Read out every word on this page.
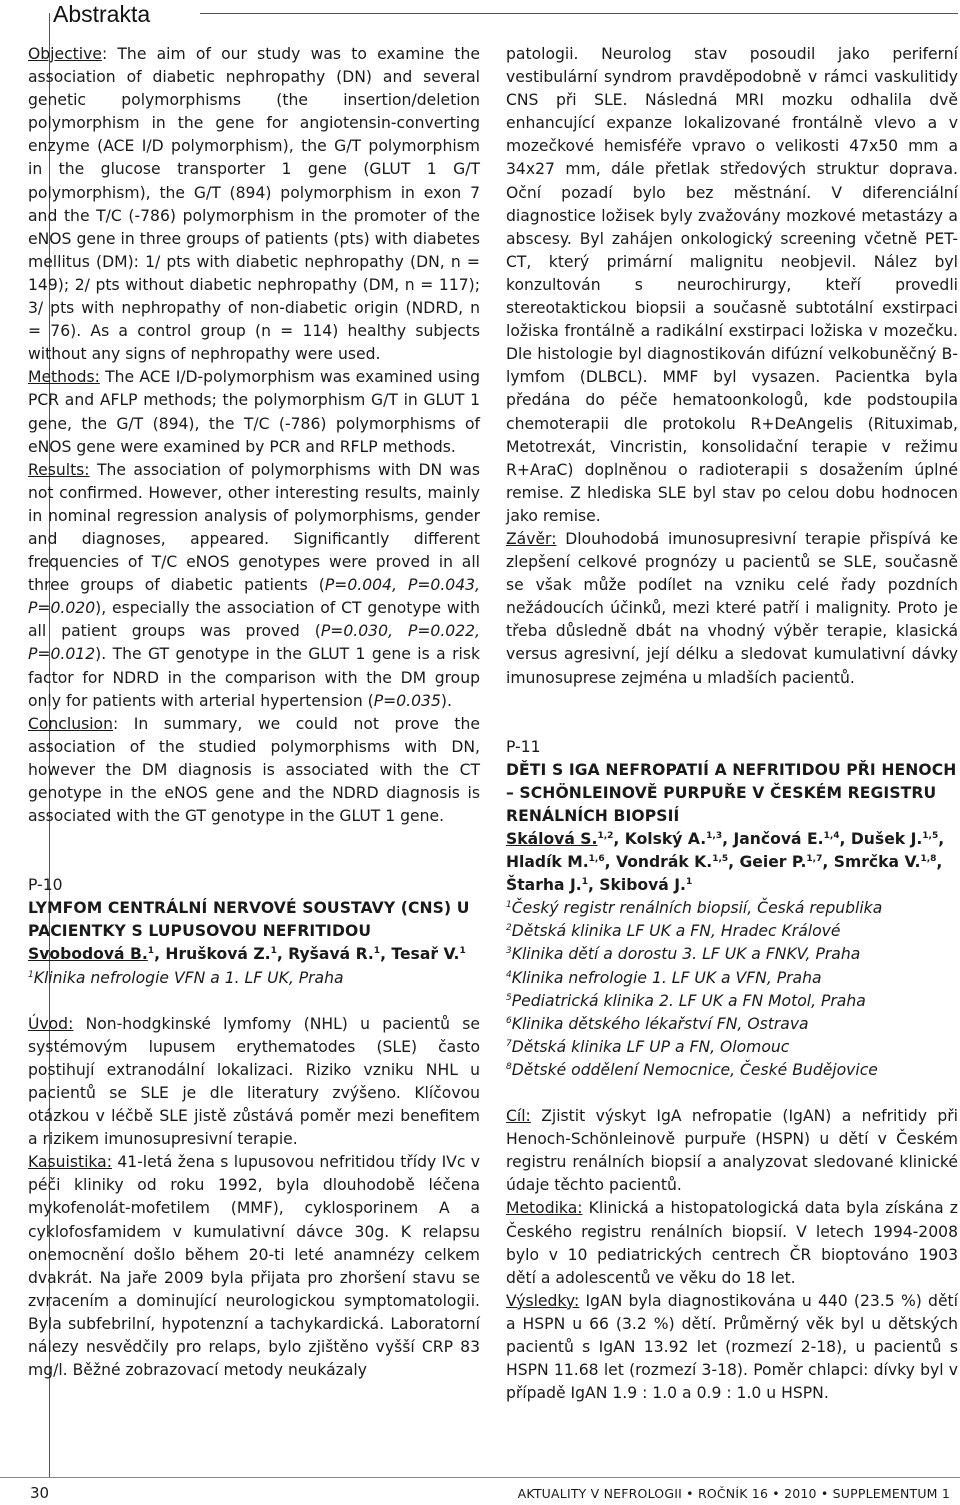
Abstrakta

Objective: The aim of our study was to examine the association of diabetic nephropathy (DN) and several genetic polymorphisms (the insertion/deletion polymorphism in the gene for angiotensin-converting enzyme (ACE I/D polymorphism), the G/T polymorphism in the glucose transporter 1 gene (GLUT 1 G/T polymorphism), the G/T (894) polymorphism in exon 7 and the T/C (-786) polymorphism in the promoter of the eNOS gene in three groups of patients (pts) with diabetes mellitus (DM): 1/ pts with diabetic nephropathy (DN, n = 149); 2/ pts without diabetic nephropathy (DM, n = 117); 3/ pts with nephropathy of non-diabetic origin (NDRD, n = 76). As a control group (n = 114) healthy subjects without any signs of nephropathy were used.

Methods: The ACE I/D-polymorphism was examined using PCR and AFLP methods; the polymorphism G/T in GLUT 1 gene, the G/T (894), the T/C (-786) polymorphisms of eNOS gene were examined by PCR and RFLP methods.

Results: The association of polymorphisms with DN was not confirmed. However, other interesting results, mainly in nominal regression analysis of polymorphisms, gender and diagnoses, appeared. Significantly different frequencies of T/C eNOS genotypes were proved in all three groups of diabetic patients (P=0.004, P=0.043, P=0.020), especially the association of CT genotype with all patient groups was proved (P=0.030, P=0.022, P=0.012). The GT genotype in the GLUT 1 gene is a risk factor for NDRD in the comparison with the DM group only for patients with arterial hypertension (P=0.035).

Conclusion: In summary, we could not prove the association of the studied polymorphisms with DN, however the DM diagnosis is associated with the CT genotype in the eNOS gene and the NDRD diagnosis is associated with the GT genotype in the GLUT 1 gene.

P-10

LYMFOM CENTRÁLNÍ NERVOVÉ SOUSTAVY (CNS) U PACIENTKY S LUPUSOVOU NEFRITIDOU

Svobodová B.$^1$, Hrušková Z.$^1$, Ryšavá R.$^1$, Tesař V.$^1$

$^1$Klinika nefrologie VFN a 1. LF UK, Praha

Úvod: Non-hodgkinské lymfomy (NHL) u pacientů se systémovým lupusem erythematodes (SLE) často postihují extranodální lokalizaci. Riziko vzniku NHL u pacientů se SLE je dle literatury zvýšeno. Klíčovou otázkou v léčbě SLE jistě zůstává poměr mezi benefitem a rizikem imunosupresivní terapie.

Kasuistika: 41-letá žena s lupusovou nefritidou třídy IVc v péči kliniky od roku 1992, byla dlouhodobě léčena mykofenolát-mofetilem (MMF), cyklosporinem A a cyklofosfamidem v kumulativní dávce 30g. K relapsu onemocnění došlo během 20-ti leté anamnézy celkem dvakrát. Na jaře 2009 byla přijata pro zhoršení stavu se zvracením a dominující neurologickou symptomatologii. Byla subfebrilní, hypotenzní a tachykardická. Laboratorní nálezy nesvědčily pro relaps, bylo zjištěno vyšší CRP 83 mg/l. Běžné zobrazovací metody neukázaly

patologii. Neurolog stav posoudil jako periferní vestibulární syndrom pravděpodobně v rámci vaskulitidy CNS při SLE. Následná MRI mozku odhalila dvě enhancující expanze lokalizované frontálně vlevo a v mozečkové hemisféře vpravo o velikosti 47x50 mm a 34x27 mm, dále přetlak středových struktur doprava. Oční pozadí bylo bez městnání. V diferenciální diagnostice ložisek byly zvažovány mozkové metastázy a abscesy. Byl zahájen onkologický screening včetně PET-CT, který primární malignitu neobjevil. Nález byl konzultován s neurochirurgy, kteří provedli stereotaktickou biopsii a současně subtotální exstirpaci ložiska frontálně a radikální exstirpaci ložiska v mozečku. Dle histologie byl diagnostikován difúzní velkobuněčný B-lymfom (DLBCL). MMF byl vysazen. Pacientka byla předána do péče hematoonkologů, kde podstoupila chemoterapii dle protokolu R+DeAngelis (Rituximab, Metotrexát, Vincristin, konsolidační terapie v režimu R+AraC) doplněnou o radioterapii s dosažením úplné remise. Z hlediska SLE byl stav po celou dobu hodnocen jako remise.

Závěr: Dlouhodobá imunosupresivní terapie přispívá ke zlepšení celkové prognózy u pacientů se SLE, současně se však může podílet na vzniku celé řady pozdních nežádoucích účinků, mezi které patří i malignity. Proto je třeba důsledně dbát na vhodný výběr terapie, klasická versus agresivní, její délku a sledovat kumulativní dávky imunosuprese zejména u mladších pacientů.

P-11

DĚTI S IGA NEFROPATIÍ A NEFRITIDOU PŘI HENOCH – SCHÖNLEINOVĚ PURPUŘE V ČESKÉM REGISTRU RENÁLNÍCH BIOPSIÍ

Skálová S.$^{1,2}$, Kolský A.$^{1,3}$, Jančová E.$^{1,4}$, Dušek J.$^{1,5}$, Hladík M.$^{1,6}$, Vondrák K.$^{1,5}$, Geier P.$^{1,7}$, Smrčka V.$^{1,8}$, Štarha J.$^1$, Skibová J.$^1$

$^1$Český registr renálních biopsií, Česká republika
$^2$Dětská klinika LF UK a FN, Hradec Králové
$^3$Klinika dětí a dorostu 3. LF UK a FNKV, Praha
$^4$Klinika nefrologie 1. LF UK a VFN, Praha
$^5$Pediatrická klinika 2. LF UK a FN Motol, Praha
$^6$Klinika dětského lékařství FN, Ostrava
$^7$Dětská klinika LF UP a FN, Olomouc
$^8$Dětské oddělení Nemocnice, České Budějovice

Cíl: Zjistit výskyt IgA nefropatie (IgAN) a nefritidy při Henoch-Schönleinově purpuře (HSPN) u dětí v Českém registru renálních biopsií a analyzovat sledované klinické údaje těchto pacientů.

Metodika: Klinická a histopatologická data byla získána z Českého registru renálních biopsií. V letech 1994-2008 bylo v 10 pediatrických centrech ČR bioptováno 1903 dětí a adolescentů ve věku do 18 let.

Výsledky: IgAN byla diagnostikována u 440 (23.5 %) dětí a HSPN u 66 (3.2 %) dětí. Průměrný věk byl u dětských pacientů s IgAN 13.92 let (rozmezí 2-18), u pacientů s HSPN 11.68 let (rozmezí 3-18). Poměr chlapci: dívky byl v případě IgAN 1.9 : 1.0 a 0.9 : 1.0 u HSPN.

30	AKTUALITY V NEFROLOGII • ROČNÍK 16 • 2010 • SUPPLEMENTUM 1
